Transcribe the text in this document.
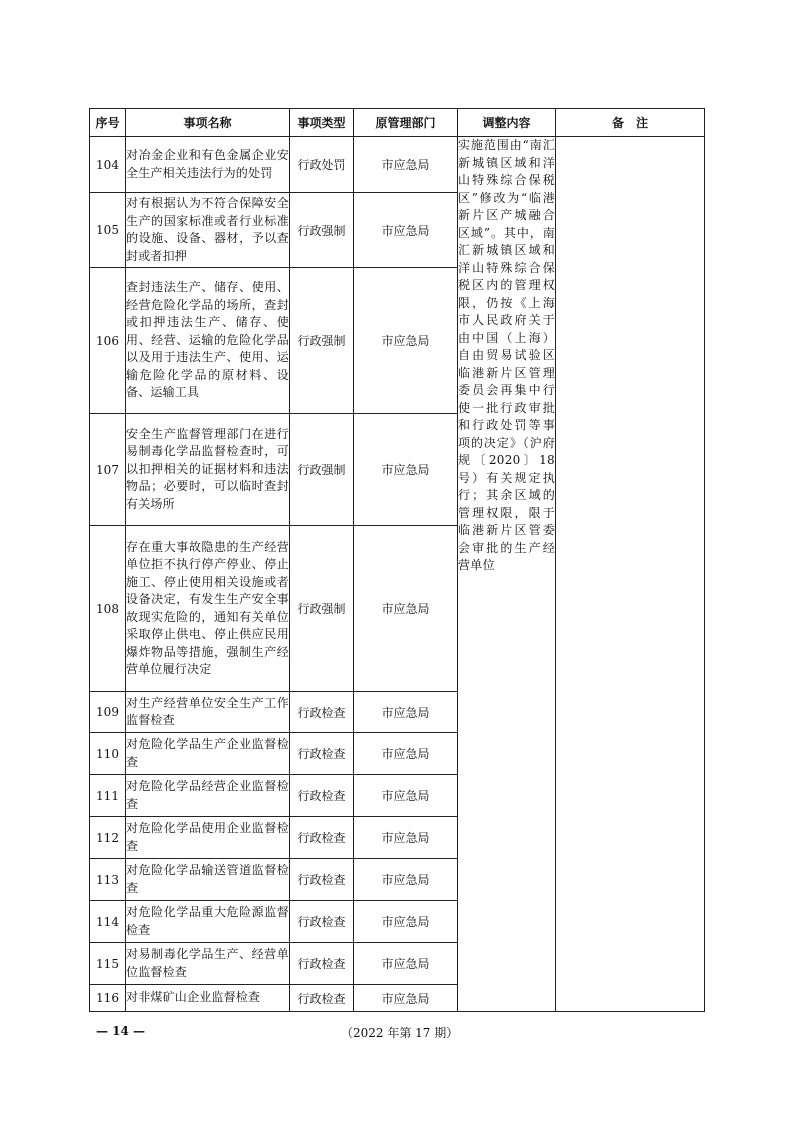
序号	事项名称	事项类型	原管理部门	调整内容	备　注
104	对冶金企业和有色金属企业安全生产相关违法行为的处罚	行政处罚	市应急局	实施范围由“南汇新城镇区域和洋山特殊综合保税区”修改为“临港新片区产城融合区域”。其中，南汇新城镇区域和洋山特殊综合保税区内的管理权限，仍按《上海市人民政府关于由中国（上海）自由贸易试验区临港新片区管理委员会再集中行使一批行政审批和行政处罚等事项的决定》（沪府规〔2020〕18号）有关规定执行；其余区域的管理权限，限于临港新片区管委会审批的生产经营单位	
105	对有根据认为不符合保障安全生产的国家标准或者行业标准的设施、设备、器材，予以查封或者扣押	行政强制	市应急局		
106	查封违法生产、储存、使用、经营危险化学品的场所，查封或扣押违法生产、储存、使用、经营、运输的危险化学品以及用于违法生产、使用、运输危险化学品的原材料、设备、运输工具	行政强制	市应急局		
107	安全生产监督管理部门在进行易制毒化学品监督检查时，可以扣押相关的证据材料和违法物品；必要时，可以临时查封有关场所	行政强制	市应急局		
108	存在重大事故隐患的生产经营单位拒不执行停产停业、停止施工、停止使用相关设施或者设备决定，有发生生产安全事故现实危险的，通知有关单位采取停止供电、停止供应民用爆炸物品等措施，强制生产经营单位履行决定	行政强制	市应急局		
109	对生产经营单位安全生产工作监督检查	行政检查	市应急局		
110	对危险化学品生产企业监督检查	行政检查	市应急局		
111	对危险化学品经营企业监督检查	行政检查	市应急局		
112	对危险化学品使用企业监督检查	行政检查	市应急局		
113	对危险化学品输送管道监督检查	行政检查	市应急局		
114	对危险化学品重大危险源监督检查	行政检查	市应急局		
115	对易制毒化学品生产、经营单位监督检查	行政检查	市应急局		
116	对非煤矿山企业监督检查	行政检查	市应急局		
— 14 —	（2022 年第 17 期）
